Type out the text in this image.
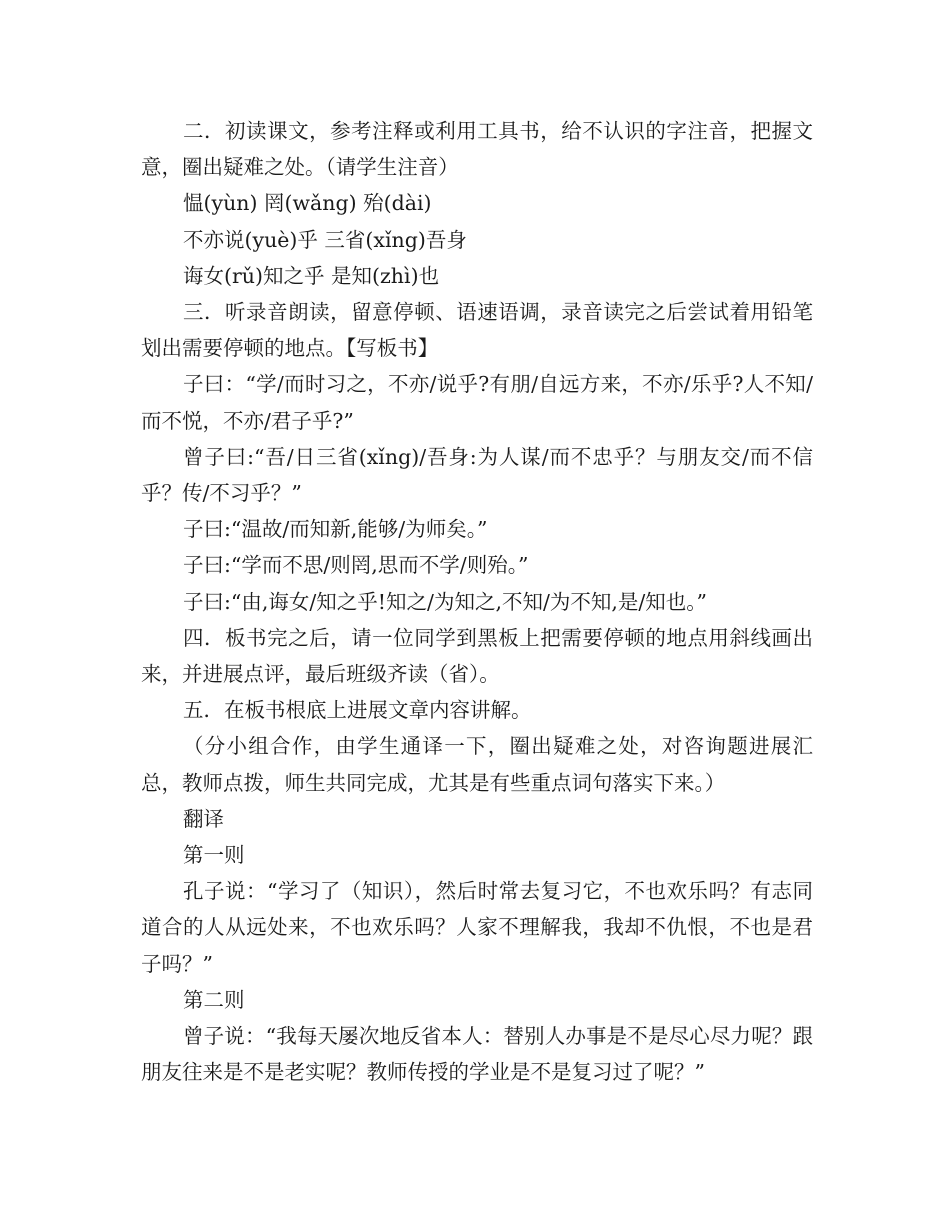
二．初读课文，参考注释或利用工具书，给不认识的字注音，把握文意，圈出疑难之处。（请学生注音）

愠(yùn) 罔(wǎng) 殆(dài)

不亦说(yuè)乎 三省(xǐng)吾身

诲女(rǔ)知之乎 是知(zhì)也

三．听录音朗读，留意停顿、语速语调，录音读完之后尝试着用铅笔划出需要停顿的地点。【写板书】

子曰：“学/而时习之，不亦/说乎?有朋/自远方来，不亦/乐乎?人不知/而不悦，不亦/君子乎?”

曾子曰:“吾/日三省(xǐng)/吾身:为人谋/而不忠乎？与朋友交/而不信乎？传/不习乎？”

子曰:“温故/而知新,能够/为师矣。”

子曰:“学而不思/则罔,思而不学/则殆。”

子曰:“由,诲女/知之乎!知之/为知之,不知/为不知,是/知也。”

四．板书完之后，请一位同学到黑板上把需要停顿的地点用斜线画出来，并进展点评，最后班级齐读（省）。

五．在板书根底上进展文章内容讲解。

（分小组合作，由学生通译一下，圈出疑难之处，对咨询题进展汇总，教师点拨，师生共同完成，尤其是有些重点词句落实下来。）

翻译

第一则

孔子说：“学习了（知识），然后时常去复习它，不也欢乐吗？有志同道合的人从远处来，不也欢乐吗？人家不理解我，我却不仇恨，不也是君子吗？”

第二则

曾子说：“我每天屡次地反省本人：替别人办事是不是尽心尽力呢？跟朋友往来是不是老实呢？教师传授的学业是不是复习过了呢？”
